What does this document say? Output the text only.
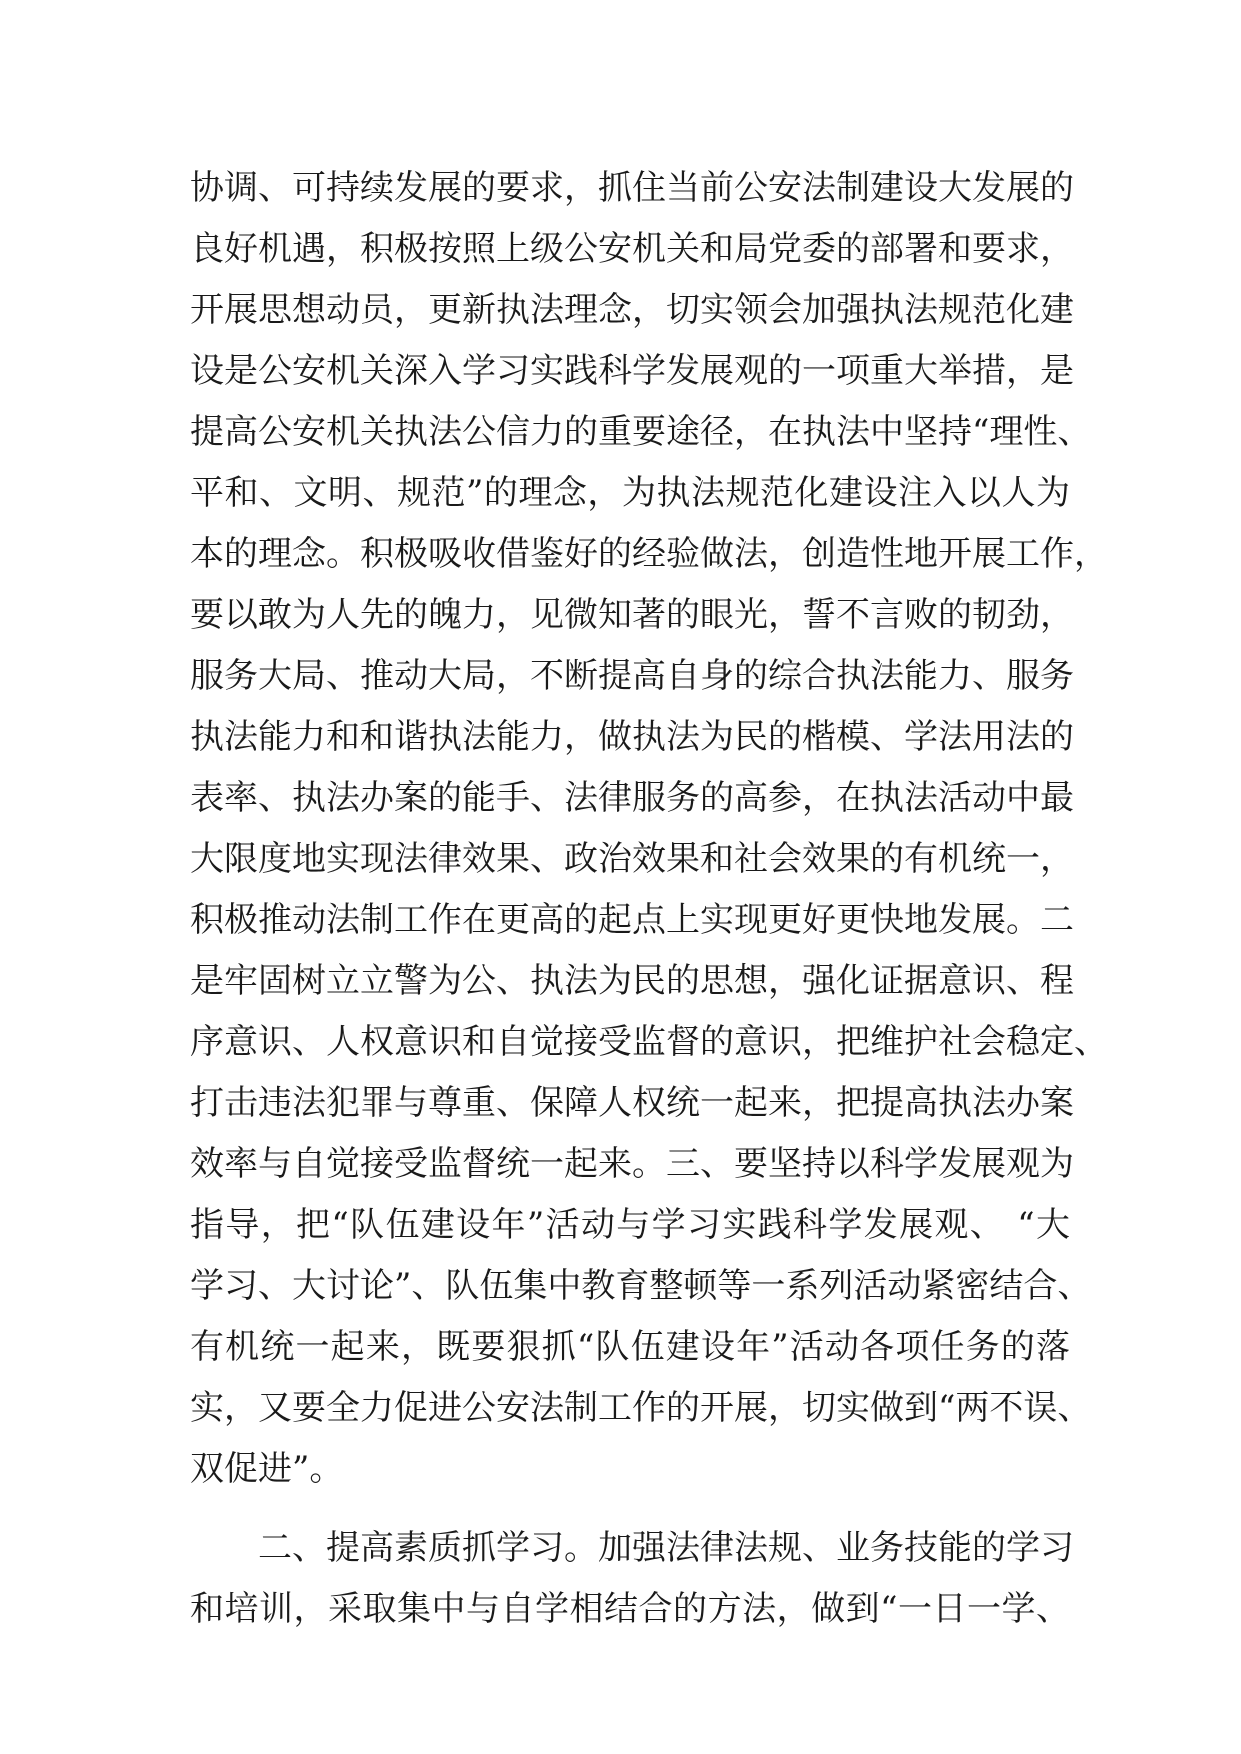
协调、可持续发展的要求，抓住当前公安法制建设大发展的
良好机遇，积极按照上级公安机关和局党委的部署和要求，
开展思想动员，更新执法理念，切实领会加强执法规范化建
设是公安机关深入学习实践科学发展观的一项重大举措，是
提高公安机关执法公信力的重要途径，在执法中坚持“理性、
平和、文明、规范”的理念，为执法规范化建设注入以人为
本的理念。积极吸收借鉴好的经验做法，创造性地开展工作，
要以敢为人先的魄力，见微知著的眼光，誓不言败的韧劲，
服务大局、推动大局，不断提高自身的综合执法能力、服务
执法能力和和谐执法能力，做执法为民的楷模、学法用法的
表率、执法办案的能手、法律服务的高参，在执法活动中最
大限度地实现法律效果、政治效果和社会效果的有机统一，
积极推动法制工作在更高的起点上实现更好更快地发展。二
是牢固树立立警为公、执法为民的思想，强化证据意识、程
序意识、人权意识和自觉接受监督的意识，把维护社会稳定、
打击违法犯罪与尊重、保障人权统一起来，把提高执法办案
效率与自觉接受监督统一起来。三、要坚持以科学发展观为
指导，把“队伍建设年”活动与学习实践科学发展观、 “大
学习、大讨论”、队伍集中教育整顿等一系列活动紧密结合、
有机统一起来，既要狠抓“队伍建设年”活动各项任务的落
实，又要全力促进公安法制工作的开展，切实做到“两不误、
双促进”。
二、提高素质抓学习。加强法律法规、业务技能的学习
和培训，采取集中与自学相结合的方法，做到“一日一学、
